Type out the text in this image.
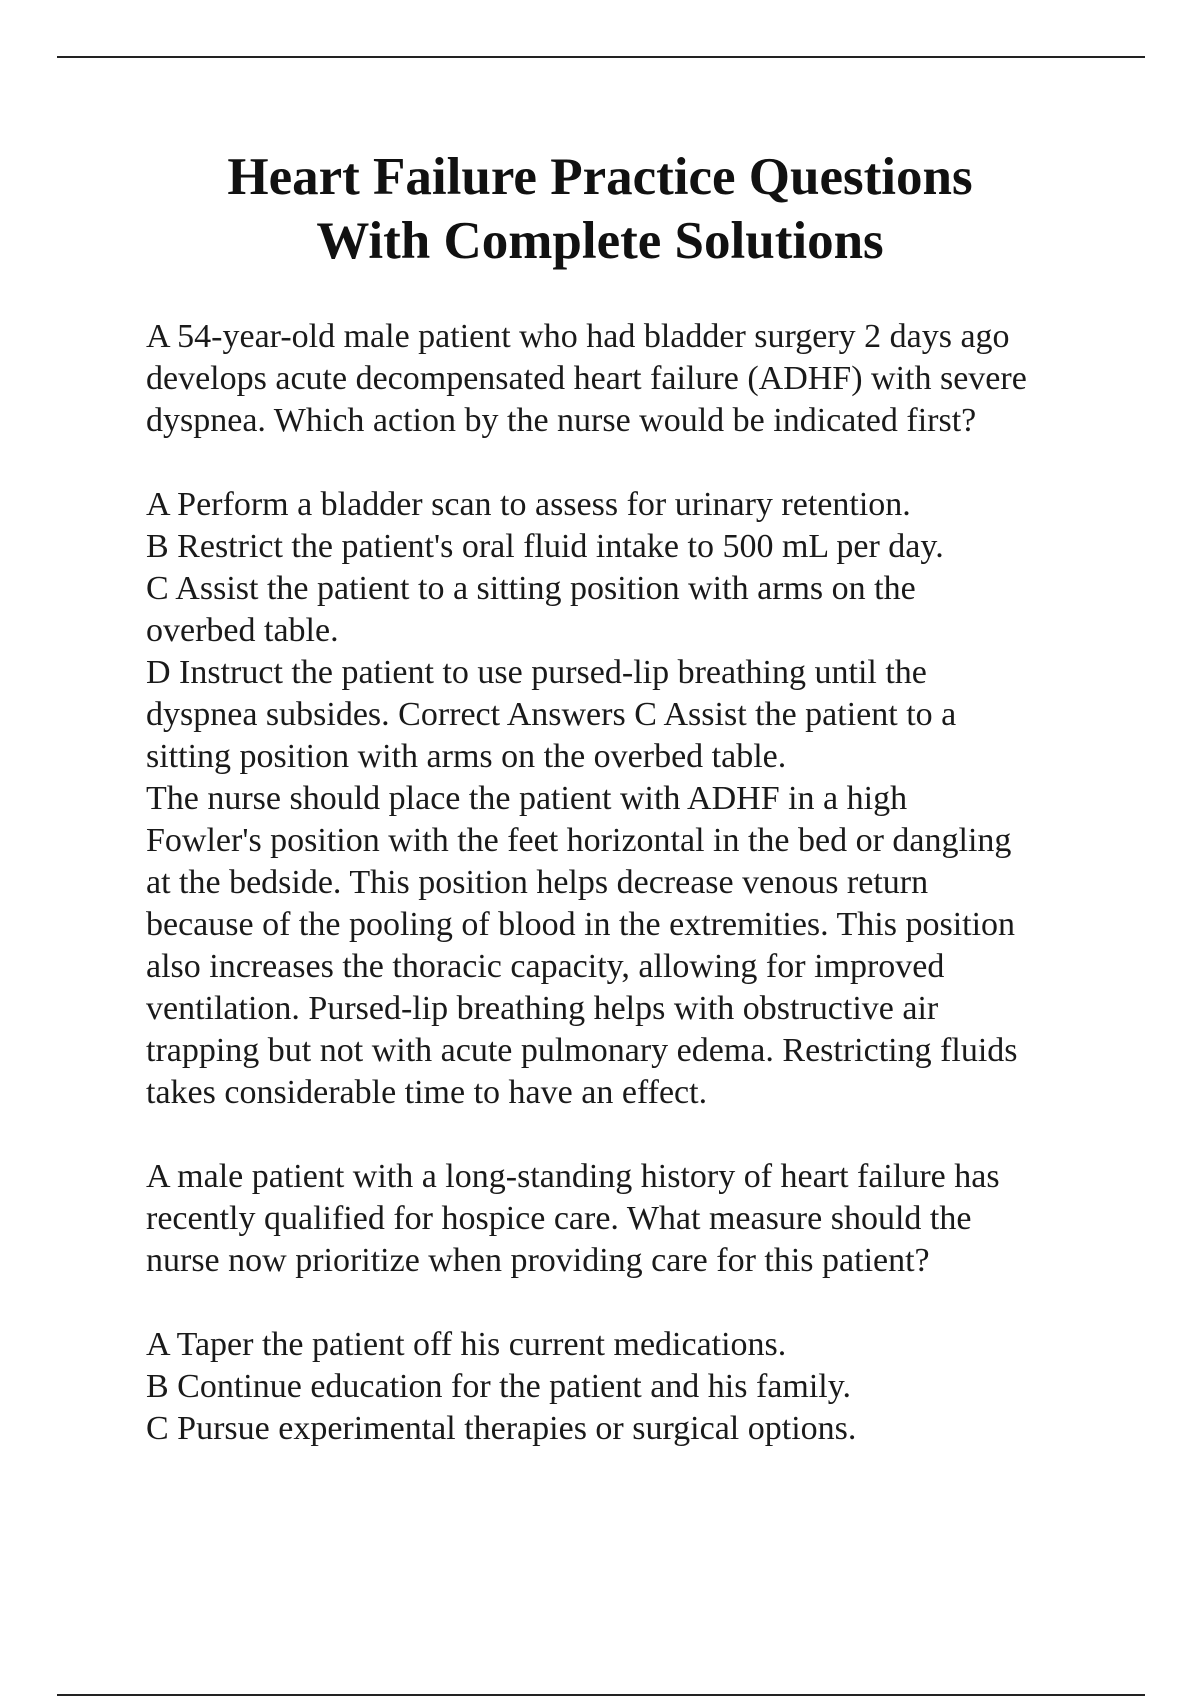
Heart Failure Practice Questions
With Complete Solutions
A 54-year-old male patient who had bladder surgery 2 days ago
develops acute decompensated heart failure (ADHF) with severe
dyspnea. Which action by the nurse would be indicated first?
A Perform a bladder scan to assess for urinary retention.
B Restrict the patient's oral fluid intake to 500 mL per day.
C Assist the patient to a sitting position with arms on the
overbed table.
D Instruct the patient to use pursed-lip breathing until the
dyspnea subsides. Correct Answers C Assist the patient to a
sitting position with arms on the overbed table.
The nurse should place the patient with ADHF in a high
Fowler's position with the feet horizontal in the bed or dangling
at the bedside. This position helps decrease venous return
because of the pooling of blood in the extremities. This position
also increases the thoracic capacity, allowing for improved
ventilation. Pursed-lip breathing helps with obstructive air
trapping but not with acute pulmonary edema. Restricting fluids
takes considerable time to have an effect.
A male patient with a long-standing history of heart failure has
recently qualified for hospice care. What measure should the
nurse now prioritize when providing care for this patient?
A Taper the patient off his current medications.
B Continue education for the patient and his family.
C Pursue experimental therapies or surgical options.
